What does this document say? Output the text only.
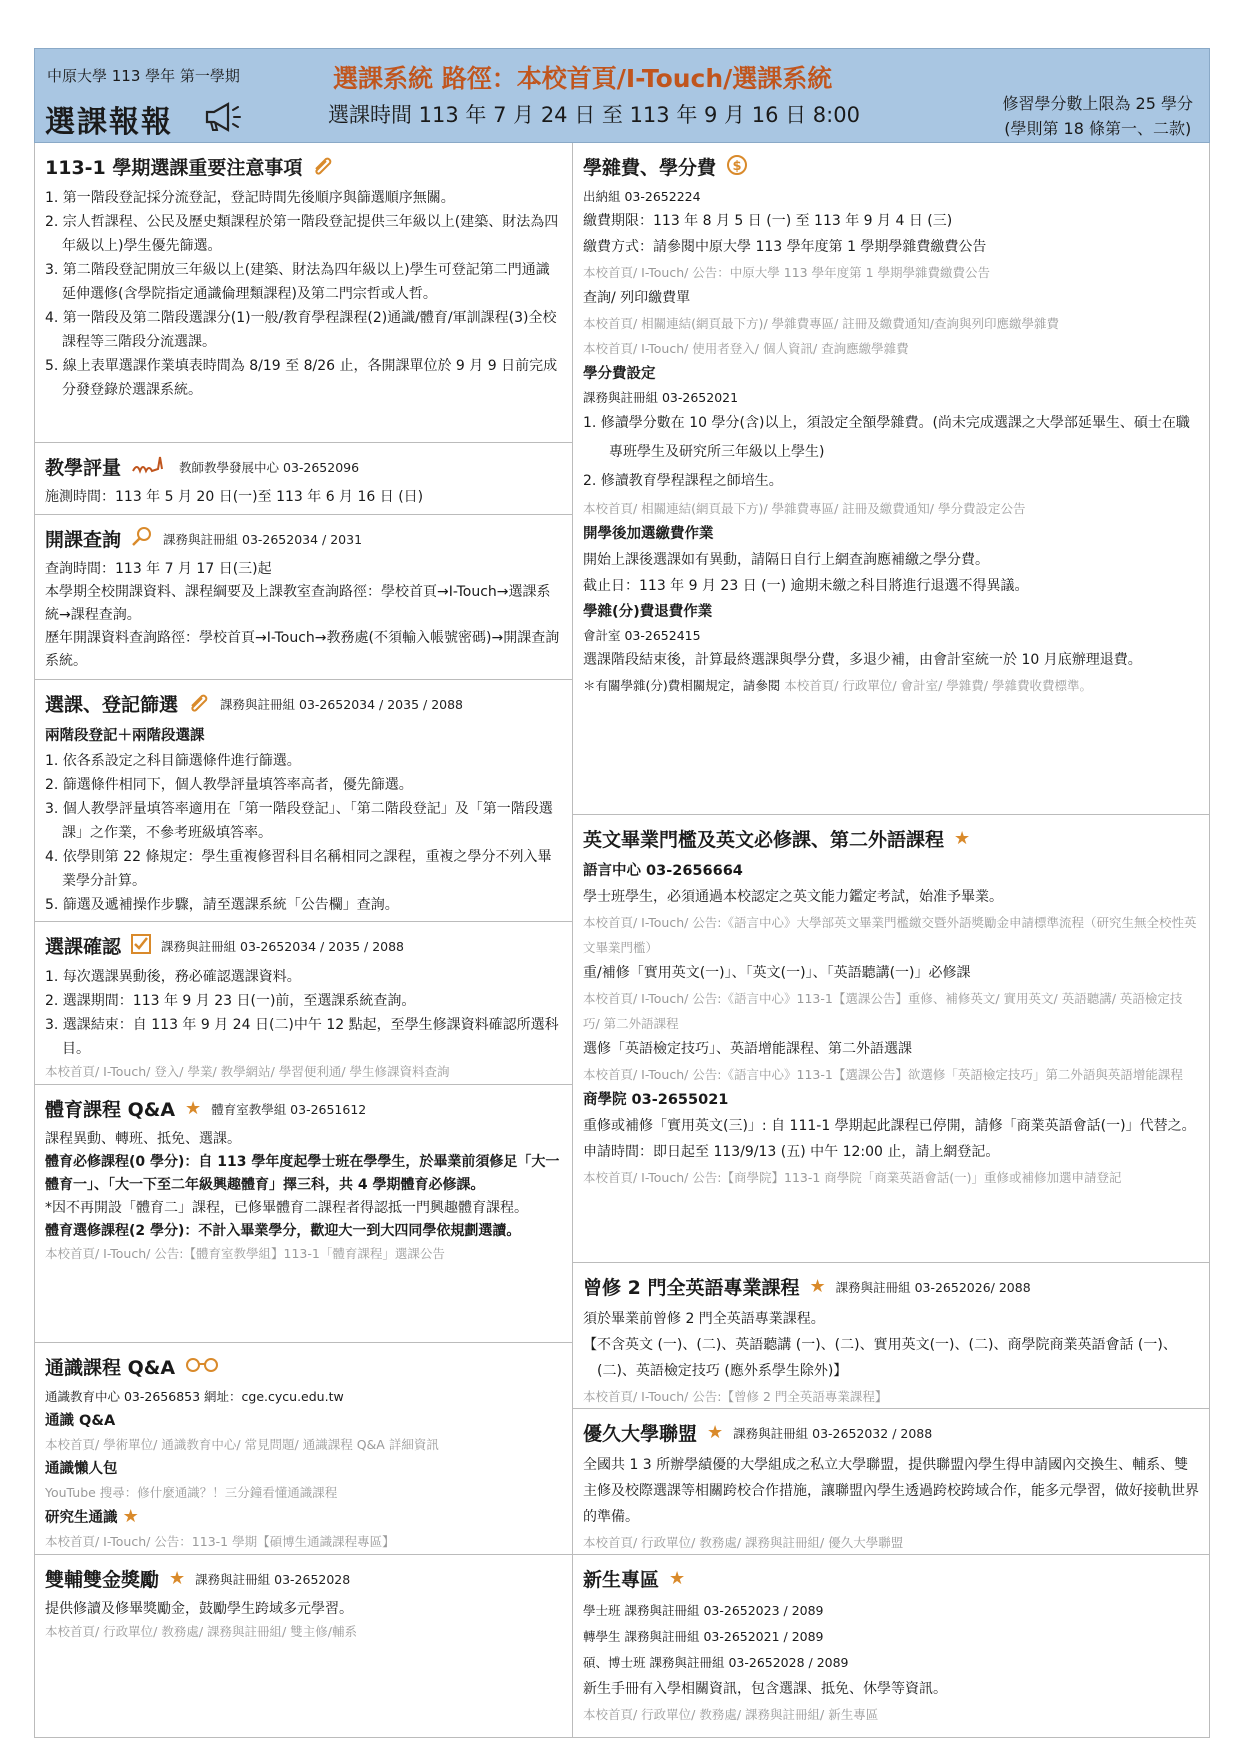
中原大學 113 學年 第一學期
選課報報
選課系統 路徑：本校首頁/I-Touch/選課系統
選課時間 113 年 7 月 24 日 至 113 年 9 月 16 日 8:00	修習學分數上限為 25 學分
(學則第 18 條第一、二款)
113-1 學期選課重要注意事項
1. 第一階段登記採分流登記，登記時間先後順序與篩選順序無關。
2. 宗人哲課程、公民及歷史類課程於第一階段登記提供三年級以上(建築、財法為四年級以上)學生優先篩選。
3. 第二階段登記開放三年級以上(建築、財法為四年級以上)學生可登記第二門通識延伸選修(含學院指定通識倫理類課程)及第二門宗哲或人哲。
4. 第一階段及第二階段選課分(1)一般/教育學程課程(2)通識/體育/軍訓課程(3)全校課程等三階段分流選課。
5. 線上表單選課作業填表時間為 8/19 至 8/26 止，各開課單位於 9 月 9 日前完成分發登錄於選課系統。
教學評量	教師教學發展中心 03-2652096

施測時間：113 年 5 月 20 日(一)至 113 年 6 月 16 日 (日)

開課查詢	課務與註冊組 03-2652034 / 2031

查詢時間：113 年 7 月 17 日(三)起

本學期全校開課資料、課程綱要及上課教室查詢路徑：學校首頁→I-Touch→選課系統→課程查詢。

歷年開課資料查詢路徑：學校首頁→I-Touch→教務處(不須輸入帳號密碼)→開課查詢系統。

選課、登記篩選	課務與註冊組 03-2652034 / 2035 / 2088
兩階段登記＋兩階段選課
1. 依各系設定之科目篩選條件進行篩選。
2. 篩選條件相同下，個人教學評量填答率高者，優先篩選。
3. 個人教學評量填答率適用在「第一階段登記」、「第二階段登記」及「第一階段選課」之作業，不參考班級填答率。
4. 依學則第 22 條規定：學生重複修習科目名稱相同之課程，重複之學分不列入畢業學分計算。
5. 篩選及遞補操作步驟，請至選課系統「公告欄」查詢。
選課確認	課務與註冊組 03-2652034 / 2035 / 2088
1. 每次選課異動後，務必確認選課資料。
2. 選課期間：113 年 9 月 23 日(一)前，至選課系統查詢。
3. 選課結束：自 113 年 9 月 24 日(二)中午 12 點起，至學生修課資料確認所選科目。
本校首頁/ I-Touch/ 登入/ 學業/ 教學網站/ 學習便利通/ 學生修課資料查詢
體育課程 Q&A ★ 體育室教學組 03-2651612

課程異動、轉班、抵免、選課。

體育必修課程(0 學分)：自 113 學年度起學士班在學學生，於畢業前須修足「大一體育一」、「大一下至二年級興趣體育」擇三科，共 4 學期體育必修課。

*因不再開設「體育二」課程，已修畢體育二課程者得認抵一門興趣體育課程。

體育選修課程(2 學分)：不計入畢業學分，歡迎大一到大四同學依規劃選讀。

本校首頁/ I-Touch/ 公告:【體育室教學組】113-1「體育課程」選課公告
通識課程 Q&A
通識教育中心 03-2656853 網址：cge.cycu.edu.tw
通識 Q&A
本校首頁/ 學術單位/ 通識教育中心/ 常見問題/ 通識課程 Q&A 詳細資訊
通識懶人包
YouTube 搜尋：修什麼通識？！三分鐘看懂通識課程
研究生通識 ★
本校首頁/ I-Touch/ 公告：113-1 學期【碩博生通識課程專區】
雙輔雙金獎勵 ★ 課務與註冊組 03-2652028

提供修讀及修畢獎勵金，鼓勵學生跨域多元學習。

本校首頁/ 行政單位/ 教務處/ 課務與註冊組/ 雙主修/輔系
學雜費、學分費 $
出納組 03-2652224

繳費期限：113 年 8 月 5 日 (一) 至 113 年 9 月 4 日 (三)

繳費方式：請參閱中原大學 113 學年度第 1 學期學雜費繳費公告

本校首頁/ I-Touch/ 公告：中原大學 113 學年度第 1 學期學雜費繳費公告

查詢/ 列印繳費單

本校首頁/ 相關連結(網頁最下方)/ 學雜費專區/ 註冊及繳費通知/查詢與列印應繳學雜費
本校首頁/ I-Touch/ 使用者登入/ 個人資訊/ 查詢應繳學雜費
學分費設定
課務與註冊組 03-2652021
1. 修讀學分數在 10 學分(含)以上，須設定全額學雜費。(尚未完成選課之大學部延畢生、碩士在職專班學生及研究所三年級以上學生)
2. 修讀教育學程課程之師培生。
本校首頁/ 相關連結(網頁最下方)/ 學雜費專區/ 註冊及繳費通知/ 學分費設定公告
開學後加選繳費作業

開始上課後選課如有異動，請隔日自行上網查詢應補繳之學分費。

截止日：113 年 9 月 23 日 (一) 逾期未繳之科目將進行退選不得異議。

學雜(分)費退費作業
會計室 03-2652415

選課階段結束後，計算最終選課與學分費，多退少補，由會計室統一於 10 月底辦理退費。

＊有關學雜(分)費相關規定，請參閱 本校首頁/ 行政單位/ 會計室/ 學雜費/ 學雜費收費標準。
英文畢業門檻及英文必修課、第二外語課程 ★
語言中心 03-2656664

學士班學生，必須通過本校認定之英文能力鑑定考試，始准予畢業。

本校首頁/ I-Touch/ 公告:《語言中心》大學部英文畢業門檻繳交暨外語獎勵金申請標準流程（研究生無全校性英文畢業門檻）

重/補修「實用英文(一)」、「英文(一)」、「英語聽講(一)」必修課

本校首頁/ I-Touch/ 公告:《語言中心》113-1【選課公告】重修、補修英文/ 實用英文/ 英語聽講/ 英語檢定技巧/ 第二外語課程

選修「英語檢定技巧」、英語增能課程、第二外語選課

本校首頁/ I-Touch/ 公告:《語言中心》113-1【選課公告】欲選修「英語檢定技巧」第二外語與英語增能課程
商學院 03-2655021

重修或補修「實用英文(三)」: 自 111-1 學期起此課程已停開，請修「商業英語會話(一)」代替之。

申請時間：即日起至 113/9/13 (五) 中午 12:00 止，請上網登記。

本校首頁/ I-Touch/ 公告:【商學院】113-1 商學院「商業英語會話(一)」重修或補修加選申請登記
曾修 2 門全英語專業課程 ★ 課務與註冊組 03-2652026/ 2088

須於畢業前曾修 2 門全英語專業課程。

【不含英文 (一)、(二)、英語聽講 (一)、(二)、實用英文(一)、(二)、商學院商業英語會話 (一)、(二)、英語檢定技巧 (應外系學生除外)】

本校首頁/ I-Touch/ 公告:【曾修 2 門全英語專業課程】
優久大學聯盟 ★ 課務與註冊組 03-2652032 / 2088

全國共 1 3 所辦學績優的大學組成之私立大學聯盟，提供聯盟內學生得申請國內交換生、輔系、雙主修及校際選課等相關跨校合作措施，讓聯盟內學生透過跨校跨域合作，能多元學習，做好接軌世界的準備。

本校首頁/ 行政單位/ 教務處/ 課務與註冊組/ 優久大學聯盟
新生專區 ★
學士班 課務與註冊組 03-2652023 / 2089
轉學生 課務與註冊組 03-2652021 / 2089
碩、博士班 課務與註冊組 03-2652028 / 2089

新生手冊有入學相關資訊，包含選課、抵免、休學等資訊。

本校首頁/ 行政單位/ 教務處/ 課務與註冊組/ 新生專區
